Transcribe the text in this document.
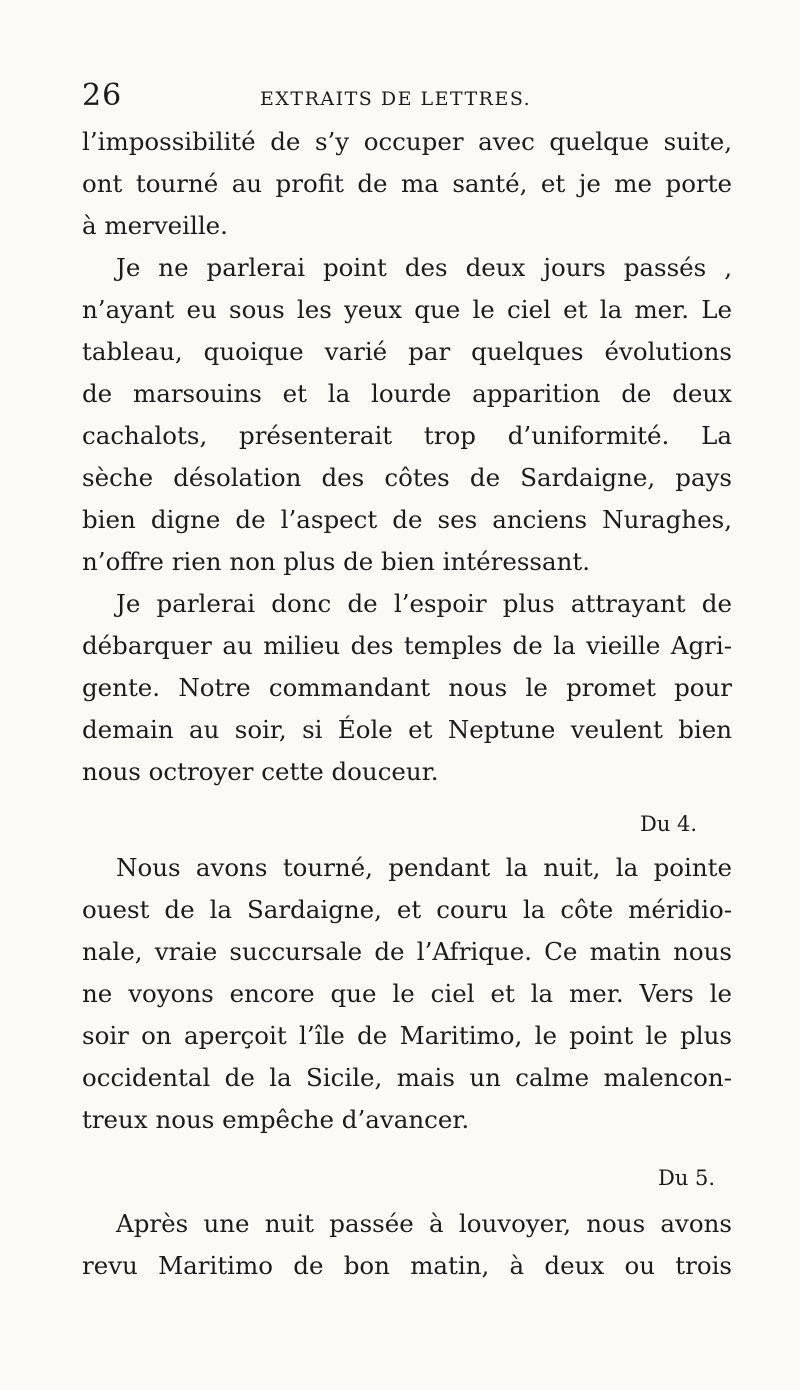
26	EXTRAITS DE LETTRES.
l’impossibilité de s’y occuper avec quelque suite,
ont tourné au profit de ma santé, et je me porte
à merveille.
Je ne parlerai point des deux jours passés ,
n’ayant eu sous les yeux que le ciel et la mer. Le
tableau, quoique varié par quelques évolutions
de marsouins et la lourde apparition de deux
cachalots, présenterait trop d’uniformité. La
sèche désolation des côtes de Sardaigne, pays
bien digne de l’aspect de ses anciens Nuraghes,
n’offre rien non plus de bien intéressant.
Je parlerai donc de l’espoir plus attrayant de
débarquer au milieu des temples de la vieille Agri-
gente. Notre commandant nous le promet pour
demain au soir, si Éole et Neptune veulent bien
nous octroyer cette douceur.
Du 4.
Nous avons tourné, pendant la nuit, la pointe
ouest de la Sardaigne, et couru la côte méridio-
nale, vraie succursale de l’Afrique. Ce matin nous
ne voyons encore que le ciel et la mer. Vers le
soir on aperçoit l’île de Maritimo, le point le plus
occidental de la Sicile, mais un calme malencon-
treux nous empêche d’avancer.
Du 5.
Après une nuit passée à louvoyer, nous avons
revu Maritimo de bon matin, à deux ou trois
